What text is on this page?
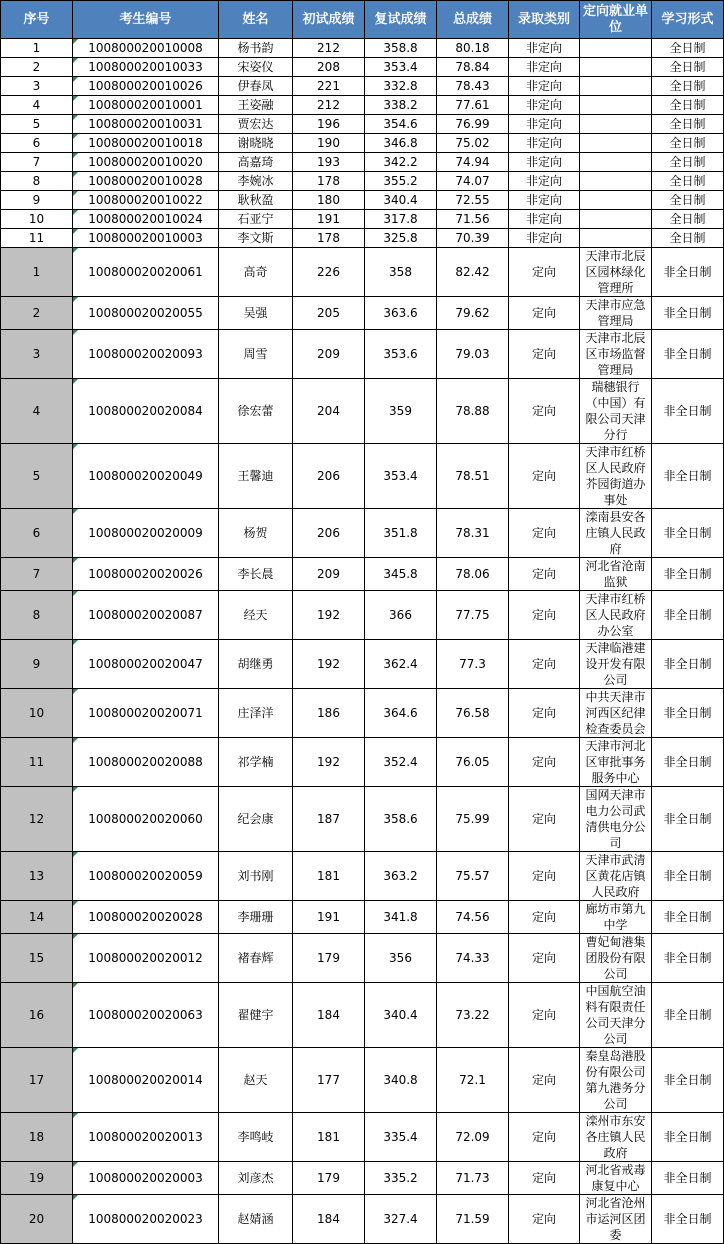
序号	考生编号	姓名	初试成绩	复试成绩	总成绩	录取类别	定向就业单位	学习形式
1	100800020010008	杨书韵	212	358.8	80.18	非定向		全日制
2	100800020010033	宋姿仪	208	353.4	78.84	非定向		全日制
3	100800020010026	伊春凤	221	332.8	78.43	非定向		全日制
4	100800020010001	王姿融	212	338.2	77.61	非定向		全日制
5	100800020010031	贾宏达	196	354.6	76.99	非定向		全日制
6	100800020010018	谢晓晓	190	346.8	75.02	非定向		全日制
7	100800020010020	高嘉琦	193	342.2	74.94	非定向		全日制
8	100800020010028	李婉冰	178	355.2	74.07	非定向		全日制
9	100800020010022	耿秋盈	180	340.4	72.55	非定向		全日制
10	100800020010024	石亚宁	191	317.8	71.56	非定向		全日制
11	100800020010003	李文斯	178	325.8	70.39	非定向		全日制
1	100800020020061	高奇	226	358	82.42	定向	天津市北辰区园林绿化管理所	非全日制
2	100800020020055	吴强	205	363.6	79.62	定向	天津市应急管理局	非全日制
3	100800020020093	周雪	209	353.6	79.03	定向	天津市北辰区市场监督管理局	非全日制
4	100800020020084	徐宏蕾	204	359	78.88	定向	瑞穗银行（中国）有限公司天津分行	非全日制
5	100800020020049	王馨迪	206	353.4	78.51	定向	天津市红桥区人民政府芥园街道办事处	非全日制
6	100800020020009	杨贺	206	351.8	78.31	定向	滦南县安各庄镇人民政府	非全日制
7	100800020020026	李长晨	209	345.8	78.06	定向	河北省沧南监狱	非全日制
8	100800020020087	经天	192	366	77.75	定向	天津市红桥区人民政府办公室	非全日制
9	100800020020047	胡继勇	192	362.4	77.3	定向	天津临港建设开发有限公司	非全日制
10	100800020020071	庄泽洋	186	364.6	76.58	定向	中共天津市河西区纪律检查委员会	非全日制
11	100800020020088	祁学楠	192	352.4	76.05	定向	天津市河北区审批事务服务中心	非全日制
12	100800020020060	纪会康	187	358.6	75.99	定向	国网天津市电力公司武清供电分公司	非全日制
13	100800020020059	刘书刚	181	363.2	75.57	定向	天津市武清区黄花店镇人民政府	非全日制
14	100800020020028	李珊珊	191	341.8	74.56	定向	廊坊市第九中学	非全日制
15	100800020020012	褚春辉	179	356	74.33	定向	曹妃甸港集团股份有限公司	非全日制
16	100800020020063	翟健宇	184	340.4	73.22	定向	中国航空油料有限责任公司天津分公司	非全日制
17	100800020020014	赵天	177	340.8	72.1	定向	秦皇岛港股份有限公司第九港务分公司	非全日制
18	100800020020013	李鸣岐	181	335.4	72.09	定向	滦州市东安各庄镇人民政府	非全日制
19	100800020020003	刘彦杰	179	335.2	71.73	定向	河北省戒毒康复中心	非全日制
20	100800020020023	赵婧涵	184	327.4	71.59	定向	河北省沧州市运河区团委	非全日制
